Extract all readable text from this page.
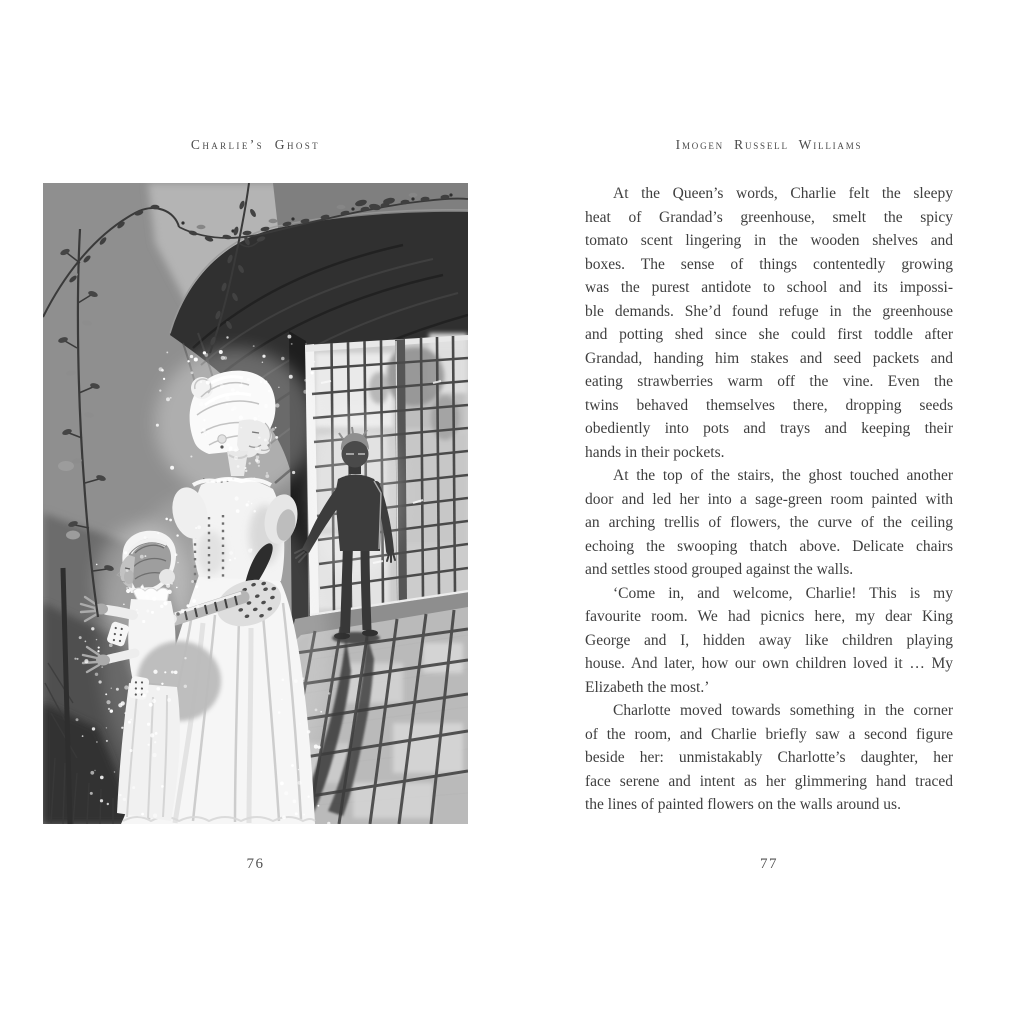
Charlie’s Ghost	Imogen Russell Williams
At the Queen’s words, Charlie felt the sleepy
heat of Grandad’s greenhouse, smelt the spicy
tomato scent lingering in the wooden shelves and
boxes. The sense of things contentedly growing
was the purest antidote to school and its impossi-
ble demands. She’d found refuge in the greenhouse
and potting shed since she could first toddle after
Grandad, handing him stakes and seed packets and
eating strawberries warm off the vine. Even the
twins behaved themselves there, dropping seeds
obediently into pots and trays and keeping their
hands in their pockets.
At the top of the stairs, the ghost touched another
door and led her into a sage-green room painted with
an arching trellis of flowers, the curve of the ceiling
echoing the swooping thatch above. Delicate chairs
and settles stood grouped against the walls.
‘Come in, and welcome, Charlie! This is my
favourite room. We had picnics here, my dear King
George and I, hidden away like children playing
house. And later, how our own children loved it … My
Elizabeth the most.’
Charlotte moved towards something in the corner
of the room, and Charlie briefly saw a second figure
beside her: unmistakably Charlotte’s daughter, her
face serene and intent as her glimmering hand traced
the lines of painted flowers on the walls around us.
76	77
